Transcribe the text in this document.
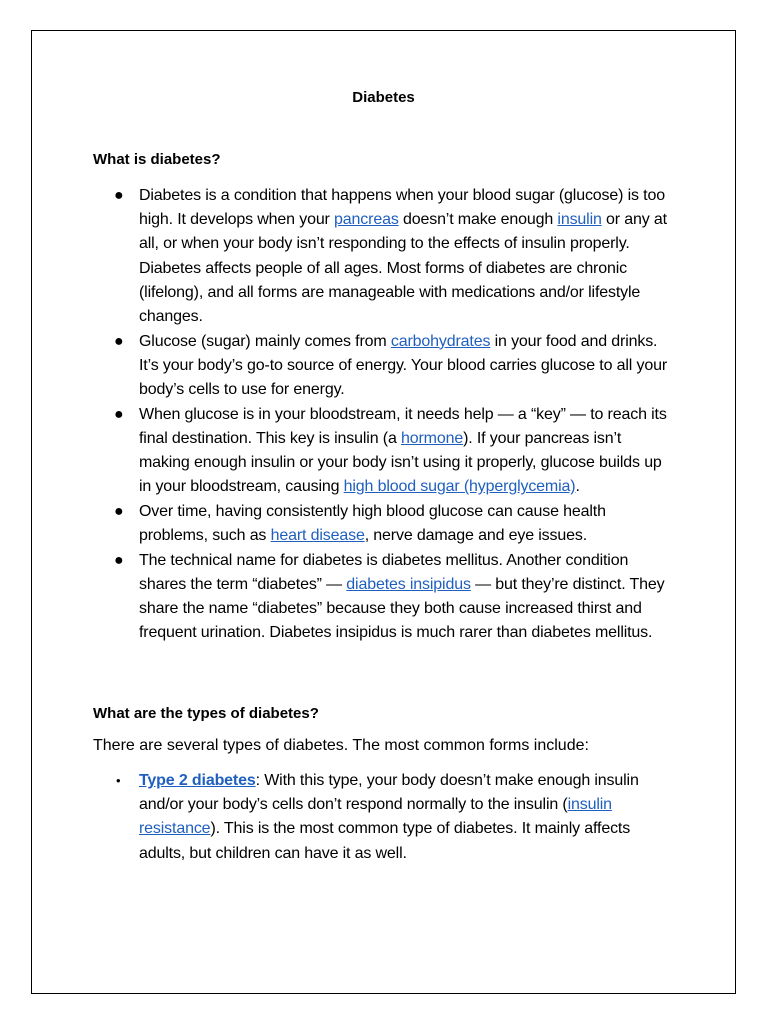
Diabetes
What is diabetes?
● Diabetes is a condition that happens when your blood sugar (glucose) is too high. It develops when your pancreas doesn’t make enough insulin or any at all, or when your body isn’t responding to the effects of insulin properly. Diabetes affects people of all ages. Most forms of diabetes are chronic (lifelong), and all forms are manageable with medications and/or lifestyle changes.
● Glucose (sugar) mainly comes from carbohydrates in your food and drinks. It’s your body’s go-to source of energy. Your blood carries glucose to all your body’s cells to use for energy.
● When glucose is in your bloodstream, it needs help — a “key” — to reach its final destination. This key is insulin (a hormone). If your pancreas isn’t making enough insulin or your body isn’t using it properly, glucose builds up in your bloodstream, causing high blood sugar (hyperglycemia).
● Over time, having consistently high blood glucose can cause health problems, such as heart disease, nerve damage and eye issues.
● The technical name for diabetes is diabetes mellitus. Another condition shares the term “diabetes” — diabetes insipidus — but they’re distinct. They share the name “diabetes” because they both cause increased thirst and frequent urination. Diabetes insipidus is much rarer than diabetes mellitus.
What are the types of diabetes?
There are several types of diabetes. The most common forms include:
• Type 2 diabetes: With this type, your body doesn’t make enough insulin and/or your body’s cells don’t respond normally to the insulin (insulin resistance). This is the most common type of diabetes. It mainly affects adults, but children can have it as well.
